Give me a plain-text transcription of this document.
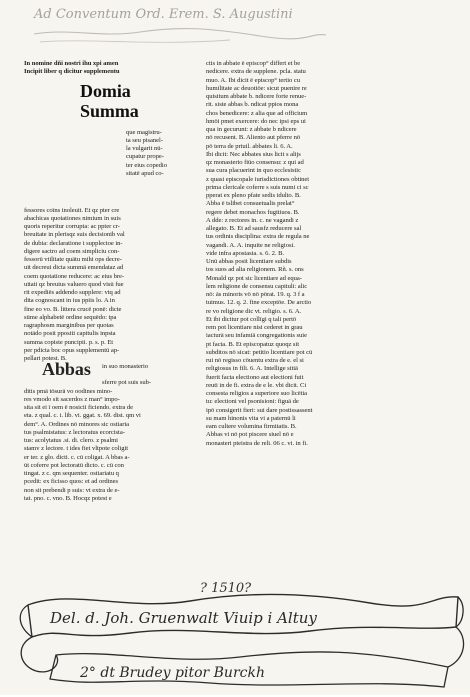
Ad Conventum Ord. Erem. S. Augustini
In nomine dñi nostri ihu xpi amen
Incipit liber q dicitur supplementu
Domia
Summa
que magistru-
ta seu pisanel-
la vulgarit nū-
cupatur prope-
ter eius copedio
sitatē apud co-
fessores coīns inoleuit. Et qz pter cre
abachicas quotationes nimium in suis
quoris reperitur corrupta: ac ppter cr-
breuitate in plerisqz suis decisionib val
de dubia: declaratione t supplectoe in-
digere sactro ad coem simpliciu con-
fessorū vtilitate quātu mihi ops decre-
uit decreui dicta summā emendataz ad
coem quotatione reducere: ac eius bre-
uitati qz breuius valuero quod visū fue
rit expediēs addendo supplere: vtq ad
dita cognoscant in ius ppiis lo. A in
fine eo vo. B. littera crucē ponē: dicte
sūme alphabetē ordine sequēdo: tpa
ragraphosm marginibus per quotas
notādo posit ppositi capitulis inpsta
summa copiste puncipii. p. s. p. Et
per pdicta boc opus supplementū ap-
pellari potest. B.
Abbas in suo monasterio
sferre pot suis sub-
ditis pmā tōsurā vo oodines mino-
res vmodo sit sacerdos z man° impo-
sita sit ei ī oem ē nosicii ficiendo. extra de
eta. z qual. c. i. lib. vi. ggat. x. 69. dist. qm vi
dem°. A. Ordines nō minores sic ostiaria
tus psalmistatus: z lectoratus ecorcista-
tus: acolytatus .si. di. clero. z psalmi
stamv z lectore. t ides fiet vltpote coligit
er ter. z glo. dicti. c. cū coligat. A bbas a-
ūt coferre pot lectoratū dicto. c. cū con
tingat. z c. qm sequenter. ostiariatu q
pcedit: ex ficisso quos: et ad ordines
non sit prebendi p suis: vt extra de e-
tat. pno. c. vno. B. Hocqz potest e
ctis in abbate ē episcop° differt et be
nedicere. extra de supplene. pcla. statu
muo. A. Ibi dicit ē episcop° tertio cu
humilitate ac deuotiōe: sicut puenire re
quisitum abbate b. ndicere forte renue-
rit. siste abbas b. ndicat ppios mona
chos benedicere: z alia que ad officium
hmōi pmet exercere: do nec ipsi eps ui
qua in gecurunt: z abbate b ndicere
nō recusent. B. Aliento aut pferre nō
pō terra de priuil. abbates li. 6. A.
Ibi dicit: Nec abbates sius licit s alijs
qz monasterio fiūo consensu: z qui ad
sua cura placuerint in quo ecclesistic
z quasi episcopale iurisdictiones obtinet
prima clericale coferre s suis numi ci sc
pperat ex pleno pfate sedis idulto. B.
Abba ē tslibet consuetualis prelat°
regere debet monachos fugitiuos. B.
A dde: z rectores in. c. ne vagandi z
allegato. B. Et ad sausfz reducere sal
tus ordinis disciplina: extra de regula ne
vagandi. A. A. inquite ne religiosi.
vide infra apostasia. s. 6. 2. B.
Unū abbas posit licentiare subdis
tos suos ad alia religionem. Rñ. s. ons
Monald qz pot sic licentiare ad equa-
lem religione de consensu capituli: alic
nō: ās minoris vō nō pōrat. 19. q. 3 f a
tuimus. 12. q. 2. fine exceptōe. De arctio
re vo religione dic vt. religio. s. 6. A.
Et ibi dicitur pot collīgi q tali pertō
rem pot licentiare nisi cederet in grau
iacturā seu infamiā congregationis suie
pt facta. B. Et episcopatuz quoqz sit
subditos nō sicat: petitio licentiare pot cū
rui nō regisso cōuentu extra de e. el si
religiosus in fili. 6. A. Intellige sitiā
fuerit facta electiono aut electioni fuit
reuti in de fi. extra de e le. vbi dicit. Ci
consesta religios a superiore suo licētia
tu: electioni vel psonisioni: figuā de
ipō consigerit fieri: sui dare postissassent
su mam hinonis vita vi a paternū li
eam cultere volumina firmitatis. B.
Abbas vi nō pot piscere siuel nō e
monasteri pteistra de reli. 06 c. vi. in fi.
? 1510?
Del. d. Joh. Gruenwalt Viuip i Altuy
2° dt Brudey pitor Burckh
